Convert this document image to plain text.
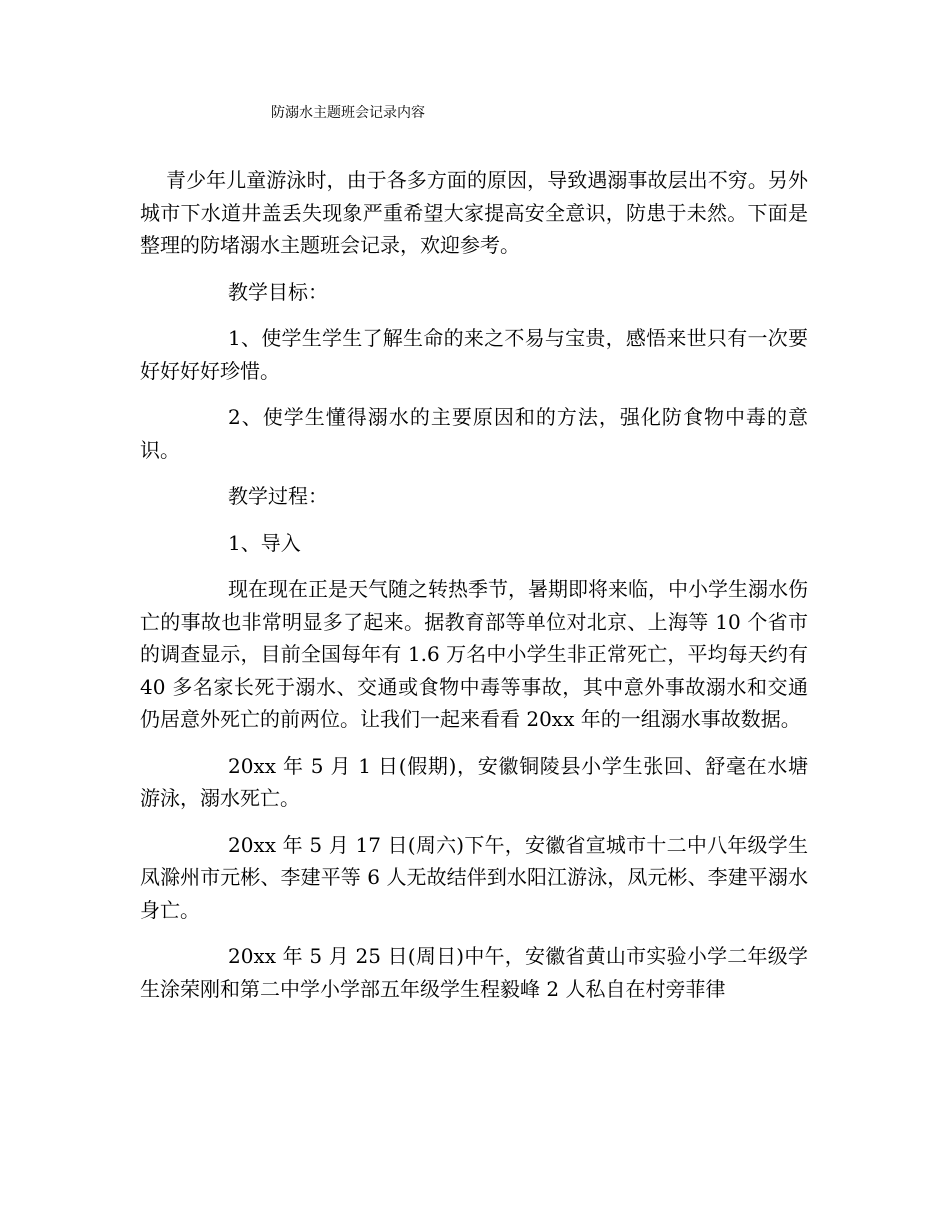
防溺水主题班会记录内容

青少年儿童游泳时，由于各多方面的原因，导致遇溺事故层出不穷。另外城市下水道井盖丢失现象严重希望大家提高安全意识，防患于未然。下面是整理的防堵溺水主题班会记录，欢迎参考。

教学目标：

1、使学生学生了解生命的来之不易与宝贵，感悟来世只有一次要好好好好珍惜。

2、使学生懂得溺水的主要原因和的方法，强化防食物中毒的意识。

教学过程：

1、导入

现在现在正是天气随之转热季节，暑期即将来临，中小学生溺水伤亡的事故也非常明显多了起来。据教育部等单位对北京、上海等 10 个省市的调查显示，目前全国每年有 1.6 万名中小学生非正常死亡，平均每天约有 40 多名家长死于溺水、交通或食物中毒等事故，其中意外事故溺水和交通仍居意外死亡的前两位。让我们一起来看看 20xx 年的一组溺水事故数据。

20xx 年 5 月 1 日(假期)，安徽铜陵县小学生张回、舒毫在水塘游泳，溺水死亡。

20xx 年 5 月 17 日(周六)下午，安徽省宣城市十二中八年级学生凤滁州市元彬、李建平等 6 人无故结伴到水阳江游泳，凤元彬、李建平溺水身亡。

20xx 年 5 月 25 日(周日)中午，安徽省黄山市实验小学二年级学生涂荣刚和第二中学小学部五年级学生程毅峰 2 人私自在村旁菲律
